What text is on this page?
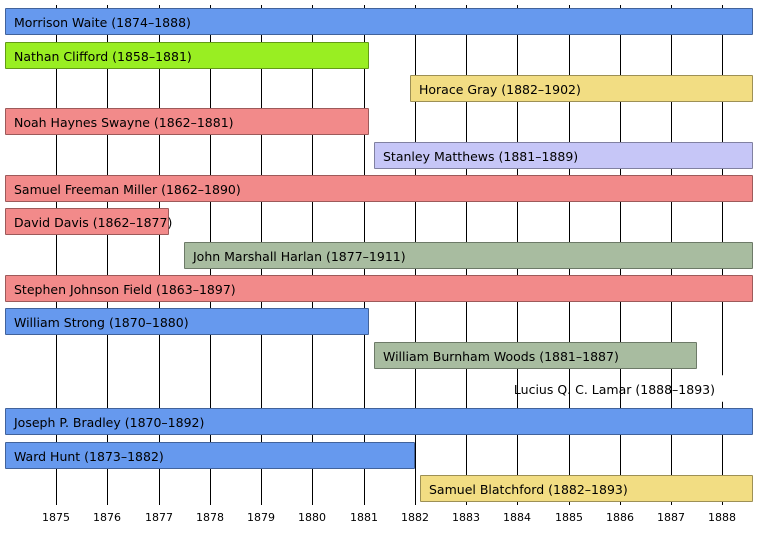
Morrison Waite (1874–1888)
Nathan Clifford (1858–1881)
Horace Gray (1882–1902)
Noah Haynes Swayne (1862–1881)
Stanley Matthews (1881–1889)
Samuel Freeman Miller (1862–1890)
David Davis (1862–1877)
John Marshall Harlan (1877–1911)
Stephen Johnson Field (1863–1897)
William Strong (1870–1880)
William Burnham Woods (1881–1887)
Lucius Q. C. Lamar (1888–1893)
Joseph P. Bradley (1870–1892)
Ward Hunt (1873–1882)
Samuel Blatchford (1882–1893)
1875 1876 1877 1878 1879 1880 1881 1882 1883 1884 1885 1886 1887 1888
